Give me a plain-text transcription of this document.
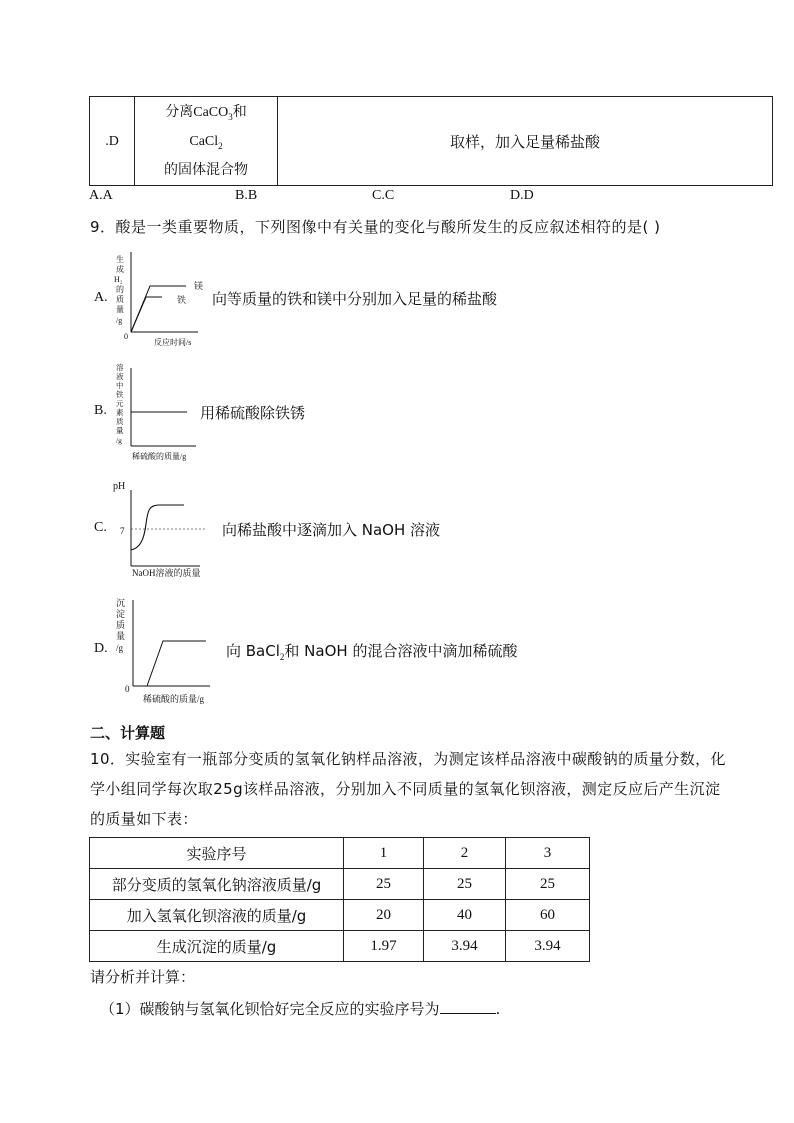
.D	
分离CaCO$_3$和
CaCl$_2$
的固体混合物
	取样，加入足量稀盐酸
A.A	B.B	C.C	D.D
9．酸是一类重要物质，下列图像中有关量的变化与酸所发生的反应叙述相符的是( )
A.
生
成
H₂
的
质
量
/g
0
镁
铁
反应时间/s
向等质量的铁和镁中分别加入足量的稀盐酸
B.
溶
液
中
铁
元
素
质
量
/g
稀硫酸的质量/g
用稀硫酸除铁锈
C.
pH
7
NaOH溶液的质量
向稀盐酸中逐滴加入 NaOH 溶液
D.
沉
淀
质
量
/g
0
稀硫酸的质量/g
向 BaCl$_2$和 NaOH 的混合溶液中滴加稀硫酸
二、计算题
10．实验室有一瓶部分变质的氢氧化钠样品溶液，为测定该样品溶液中碳酸钠的质量分数，化学小组同学每次取25g该样品溶液，分别加入不同质量的氢氧化钡溶液，测定反应后产生沉淀的质量如下表：
实验序号	1	2	3
部分变质的氢氧化钠溶液质量/g	25	25	25
加入氢氧化钡溶液的质量/g	20	40	60
生成沉淀的质量/g	1.97	3.94	3.94
请分析并计算：
（1）碳酸钠与氢氧化钡恰好完全反应的实验序号为	.
